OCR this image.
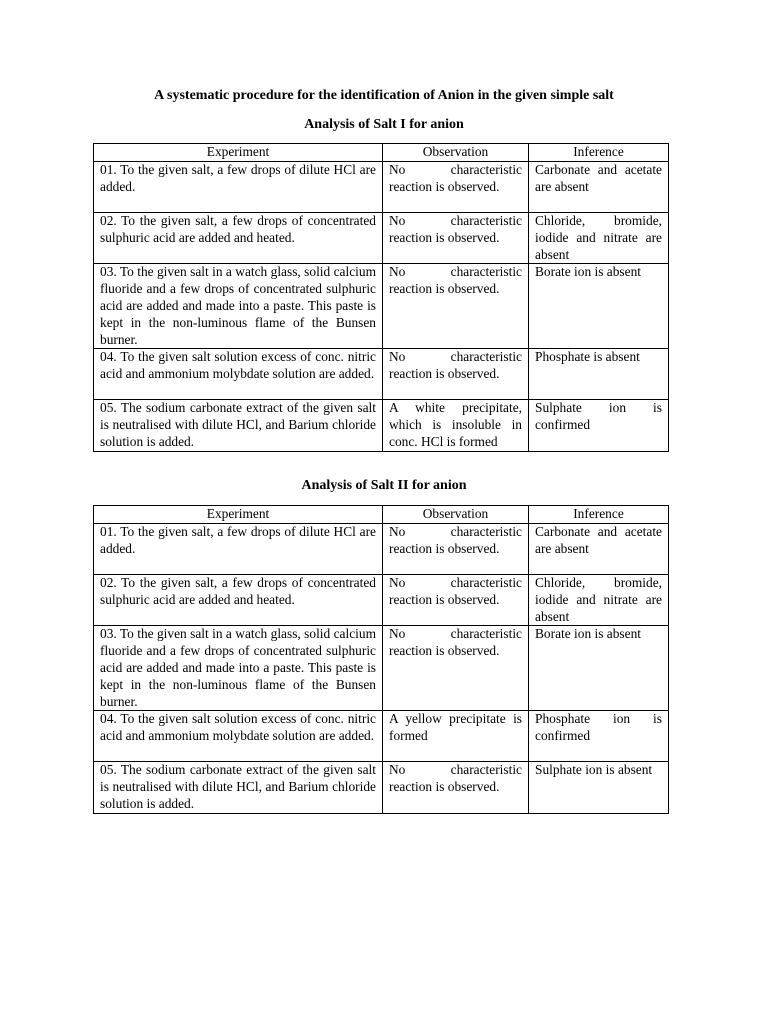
A systematic procedure for the identification of Anion in the given simple salt
Analysis of Salt I for anion
Experiment	Observation	Inference
01. To the given salt, a few drops of dilute HCl are added.	No characteristic reaction is observed.	Carbonate and acetate are absent
02. To the given salt, a few drops of concentrated sulphuric acid are added and heated.	No characteristic reaction is observed.	Chloride, bromide, iodide and nitrate are absent
03. To the given salt in a watch glass, solid calcium fluoride and a few drops of concentrated sulphuric acid are added and made into a paste. This paste is kept in the non-luminous flame of the Bunsen burner.	No characteristic reaction is observed.	Borate ion is absent
04. To the given salt solution excess of conc. nitric acid and ammonium molybdate solution are added.	No characteristic reaction is observed.	Phosphate is absent
05. The sodium carbonate extract of the given salt is neutralised with dilute HCl, and Barium chloride solution is added.	A white precipitate, which is insoluble in conc. HCl is formed	Sulphate ion is confirmed
Analysis of Salt II for anion
Experiment	Observation	Inference
01. To the given salt, a few drops of dilute HCl are added.	No characteristic reaction is observed.	Carbonate and acetate are absent
02. To the given salt, a few drops of concentrated sulphuric acid are added and heated.	No characteristic reaction is observed.	Chloride, bromide, iodide and nitrate are absent
03. To the given salt in a watch glass, solid calcium fluoride and a few drops of concentrated sulphuric acid are added and made into a paste. This paste is kept in the non-luminous flame of the Bunsen burner.	No characteristic reaction is observed.	Borate ion is absent
04. To the given salt solution excess of conc. nitric acid and ammonium molybdate solution are added.	A yellow precipitate is formed	Phosphate ion is confirmed
05. The sodium carbonate extract of the given salt is neutralised with dilute HCl, and Barium chloride solution is added.	No characteristic reaction is observed.	Sulphate ion is absent
